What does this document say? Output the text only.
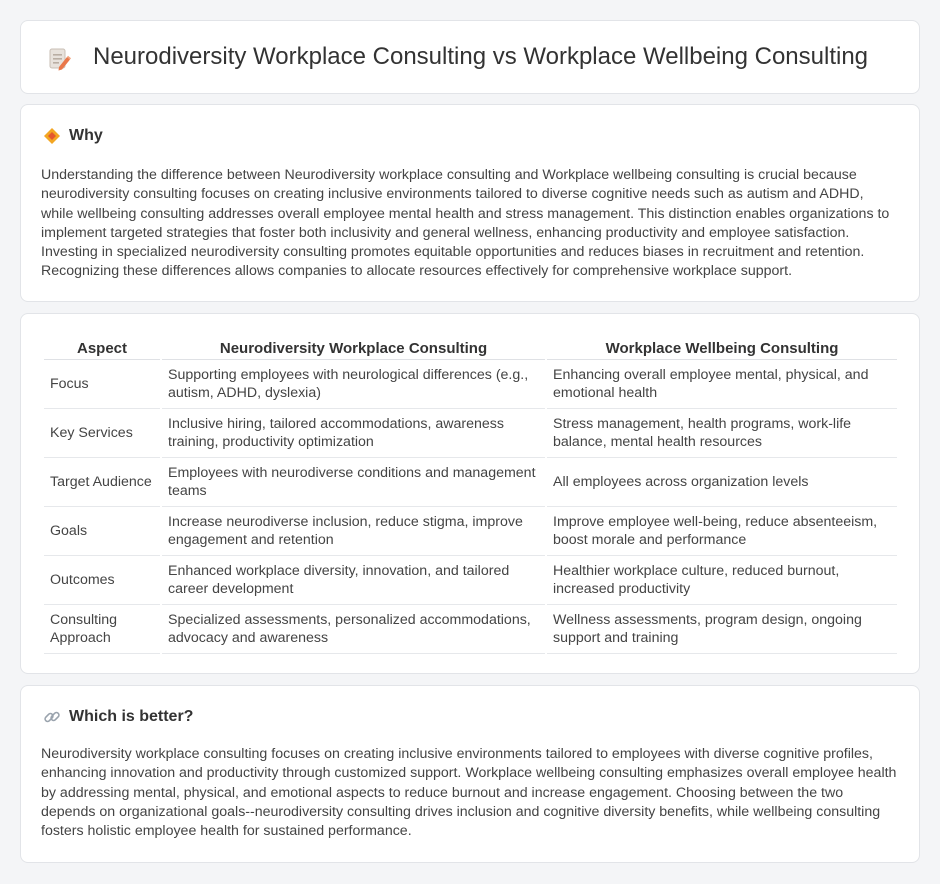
Neurodiversity Workplace Consulting vs Workplace Wellbeing Consulting
Why

Understanding the difference between Neurodiversity workplace consulting and Workplace wellbeing consulting is crucial because neurodiversity consulting focuses on creating inclusive environments tailored to diverse cognitive needs such as autism and ADHD, while wellbeing consulting addresses overall employee mental health and stress management. This distinction enables organizations to implement targeted strategies that foster both inclusivity and general wellness, enhancing productivity and employee satisfaction. Investing in specialized neurodiversity consulting promotes equitable opportunities and reduces biases in recruitment and retention. Recognizing these differences allows companies to allocate resources effectively for comprehensive workplace support.

Aspect	Neurodiversity Workplace Consulting	Workplace Wellbeing Consulting
Focus	Supporting employees with neurological differences (e.g., autism, ADHD, dyslexia)	Enhancing overall employee mental, physical, and emotional health
Key Services	Inclusive hiring, tailored accommodations, awareness training, productivity optimization	Stress management, health programs, work-life balance, mental health resources
Target Audience	Employees with neurodiverse conditions and management teams	All employees across organization levels
Goals	Increase neurodiverse inclusion, reduce stigma, improve engagement and retention	Improve employee well-being, reduce absenteeism, boost morale and performance
Outcomes	Enhanced workplace diversity, innovation, and tailored career development	Healthier workplace culture, reduced burnout, increased productivity
Consulting Approach	Specialized assessments, personalized accommodations, advocacy and awareness	Wellness assessments, program design, ongoing support and training
Which is better?

Neurodiversity workplace consulting focuses on creating inclusive environments tailored to employees with diverse cognitive profiles, enhancing innovation and productivity through customized support. Workplace wellbeing consulting emphasizes overall employee health by addressing mental, physical, and emotional aspects to reduce burnout and increase engagement. Choosing between the two depends on organizational goals--neurodiversity consulting drives inclusion and cognitive diversity benefits, while wellbeing consulting fosters holistic employee health for sustained performance.
